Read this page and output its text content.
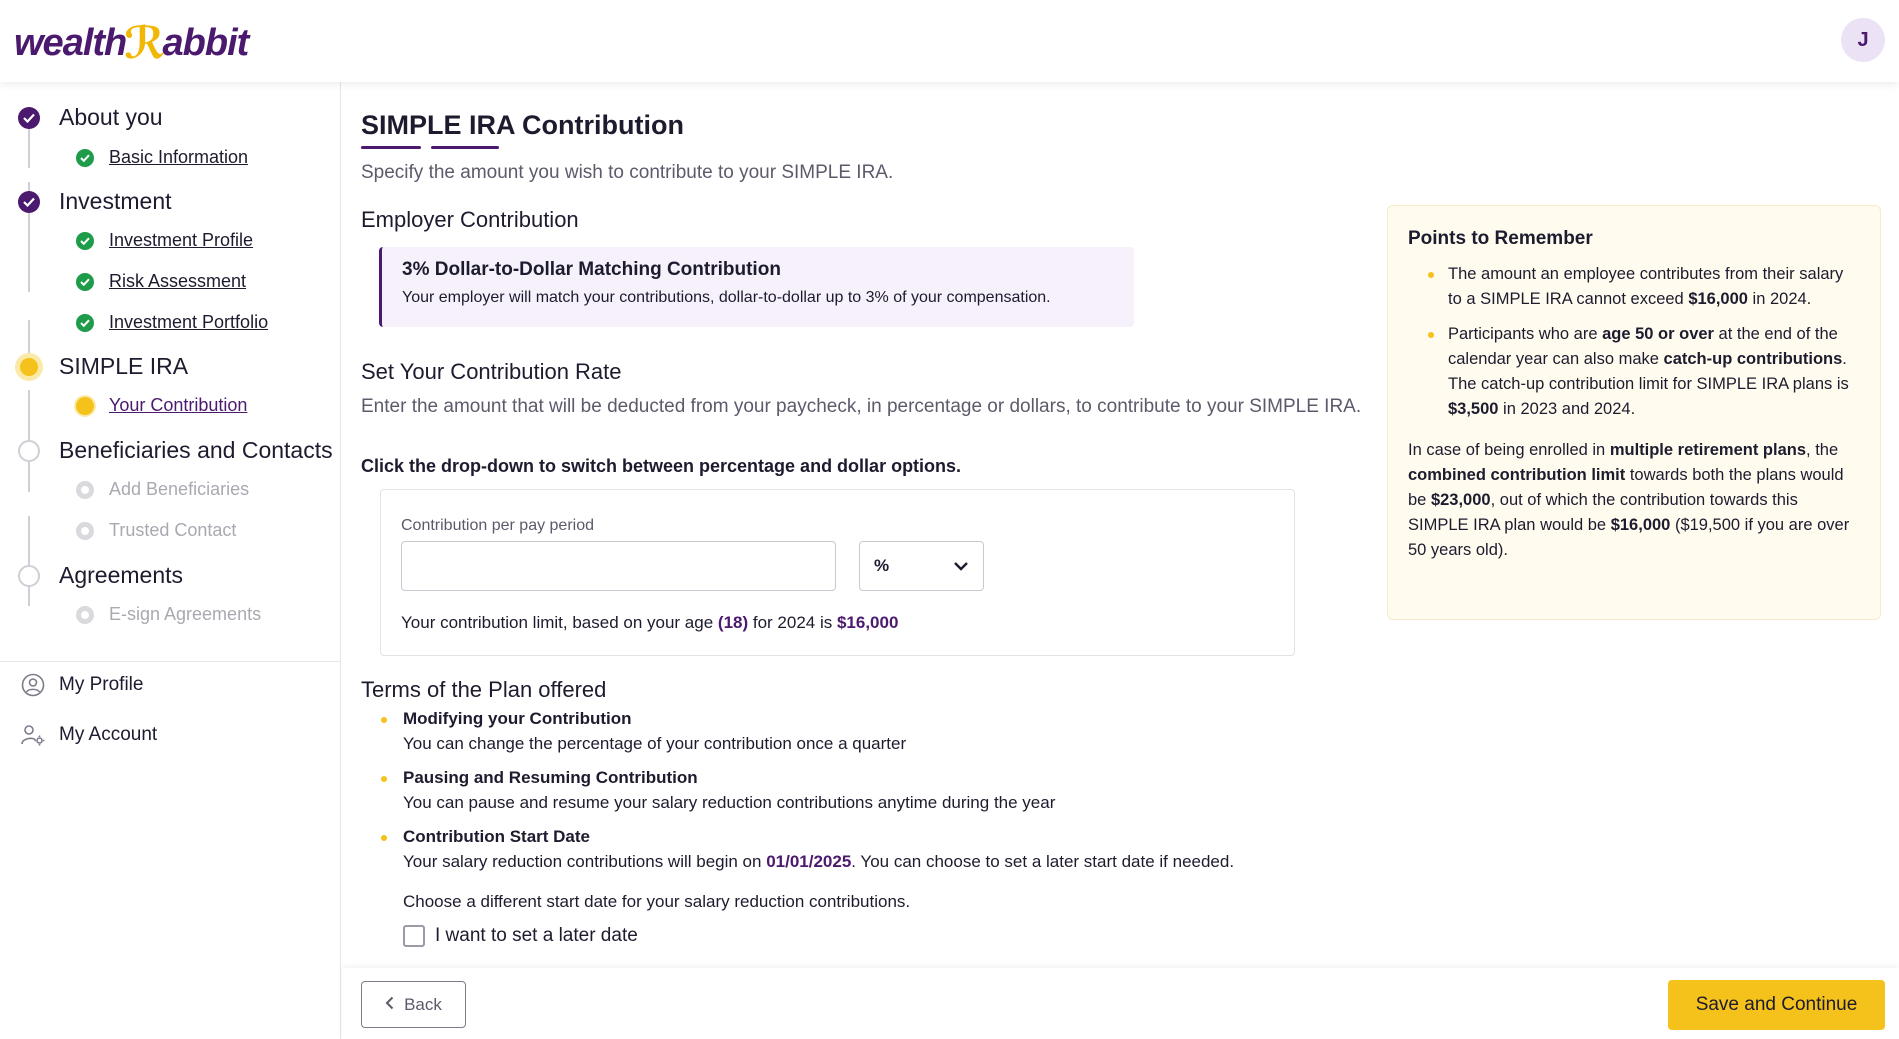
wealth
ℛ
abbit	J
About you
Basic Information
Investment
Investment Profile
Risk Assessment
Investment Portfolio
SIMPLE IRA
Your Contribution
Beneficiaries and Contacts
Add Beneficiaries
Trusted Contact
Agreements
E-sign Agreements
My Profile
My Account
SIMPLE IRA Contribution
Specify the amount you wish to contribute to your SIMPLE IRA.
Employer Contribution
3% Dollar-to-Dollar Matching Contribution
Your employer will match your contributions, dollar-to-dollar up to 3% of your compensation.
Set Your Contribution Rate
Enter the amount that will be deducted from your paycheck, in percentage or dollars, to contribute to your SIMPLE IRA.
Click the drop-down to switch between percentage and dollar options.
Contribution per pay period
%
Your contribution limit, based on your age (18) for 2024 is $16,000
Terms of the Plan offered
Modifying your Contribution
You can change the percentage of your contribution once a quarter
Pausing and Resuming Contribution
You can pause and resume your salary reduction contributions anytime during the year
Contribution Start Date
Your salary reduction contributions will begin on 01/01/2025. You can choose to set a later start date if needed.
Choose a different start date for your salary reduction contributions.
I want to set a later date
Points to Remember
The amount an employee contributes from their salary to a SIMPLE IRA cannot exceed $16,000 in 2024.
Participants who are age 50 or over at the end of the calendar year can also make catch-up contributions. The catch-up contribution limit for SIMPLE IRA plans is $3,500 in 2023 and 2024.

In case of being enrolled in multiple retirement plans, the combined contribution limit towards both the plans would be $23,000, out of which the contribution towards this SIMPLE IRA plan would be $16,000 ($19,500 if you are over 50 years old).

Back	Save and Continue
